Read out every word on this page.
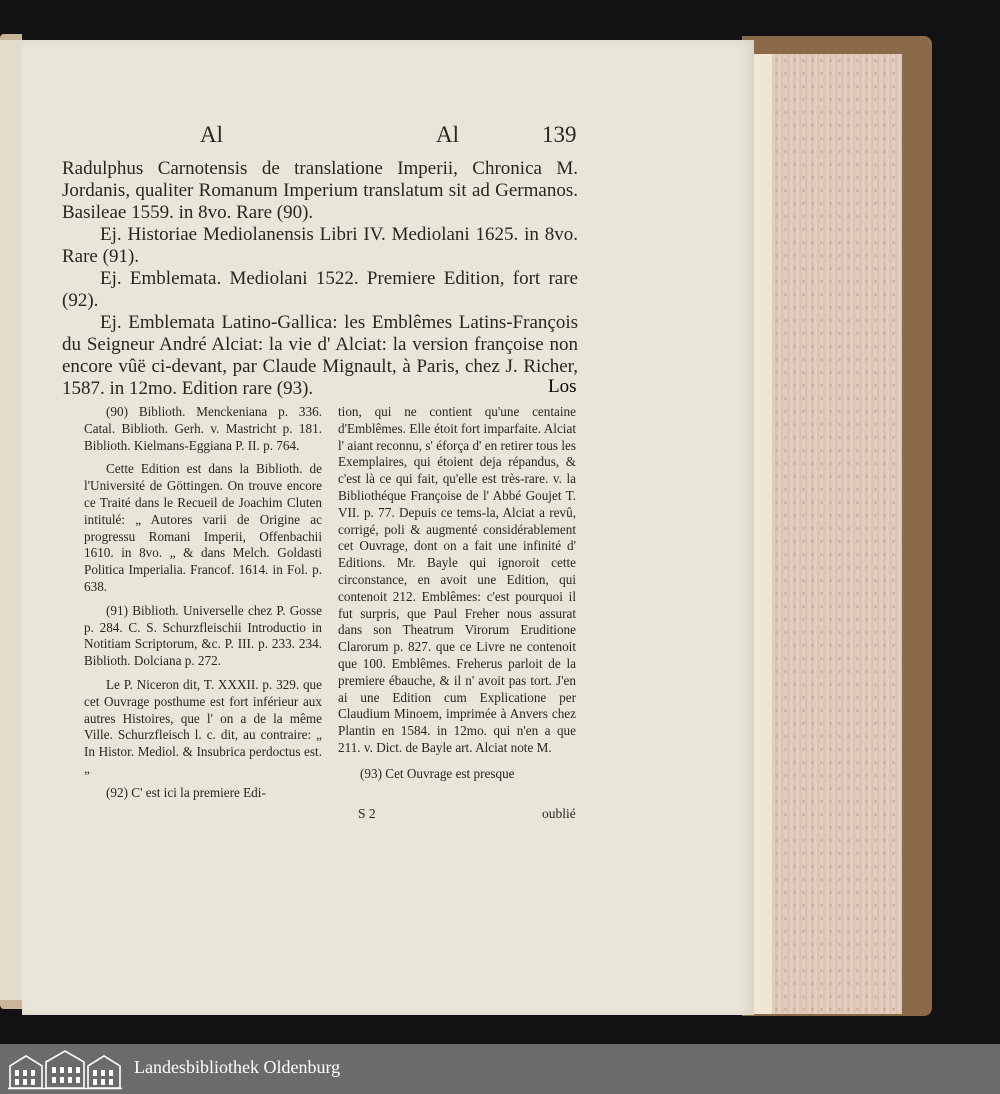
Al	Al	139

Radulphus Carnotensis de translatione Imperii, Chronica M. Jordanis, qualiter Romanum Imperium translatum sit ad Germanos. Basileae 1559. in 8vo. Rare (90).

Ej. Historiae Mediolanensis Libri IV. Mediolani 1625. in 8vo. Rare (91).

Ej. Emblemata. Mediolani 1522. Premiere Edition, fort rare (92).

Ej. Emblemata Latino-Gallica: les Emblêmes Latins-François du Seigneur André Alciat: la vie d' Alciat: la version françoise non encore vûë ci-devant, par Claude Mignault, à Paris, chez J. Richer, 1587. in 12mo. Edition rare (93).	Los

(90) Biblioth. Menckeniana p. 336. Catal. Biblioth. Gerh. v. Mastricht p. 181. Biblioth. Kielmans-Eggiana P. II. p. 764.

Cette Edition est dans la Biblioth. de l'Université de Göttingen. On trouve encore ce Traité dans le Recueil de Joachim Cluten intitulé: „ Autores varii de Origine ac progressu Romani Imperii, Offenbachii 1610. in 8vo. „ & dans Melch. Goldasti Politica Imperialia. Francof. 1614. in Fol. p. 638.

(91) Biblioth. Universelle chez P. Gosse p. 284. C. S. Schurzfleischii Introductio in Notitiam Scriptorum, &c. P. III. p. 233. 234. Biblioth. Dolciana p. 272.

Le P. Niceron dit, T. XXXII. p. 329. que cet Ouvrage posthume est fort inférieur aux autres Histoires, que l' on a de la même Ville. Schurzfleisch l. c. dit, au contraire: „ In Histor. Mediol. & Insubrica perdoctus est. „

(92) C' est ici la premiere Edi-

tion, qui ne contient qu'une centaine d'Emblêmes. Elle étoit fort imparfaite. Alciat l' aiant reconnu, s' éforça d' en retirer tous les Exemplaires, qui étoient deja répandus, & c'est là ce qui fait, qu'elle est très-rare. v. la Bibliothéque Françoise de l' Abbé Goujet T. VII. p. 77. Depuis ce tems-la, Alciat a revû, corrigé, poli & augmenté considérablement cet Ouvrage, dont on a fait une infinité d' Editions. Mr. Bayle qui ignoroit cette circonstance, en avoit une Edition, qui contenoit 212. Emblêmes: c'est pourquoi il fut surpris, que Paul Freher nous assurat dans son Theatrum Virorum Eruditione Clarorum p. 827. que ce Livre ne contenoit que 100. Emblêmes. Freherus parloit de la premiere ébauche, & il n' avoit pas tort. J'en ai une Edition cum Explicatione per Claudium Minoem, imprimée à Anvers chez Plantin en 1584. in 12mo. qui n'en a que 211. v. Dict. de Bayle art. Alciat note M.

(93) Cet Ouvrage est presque

S 2	oublié
Landesbibliothek Oldenburg
